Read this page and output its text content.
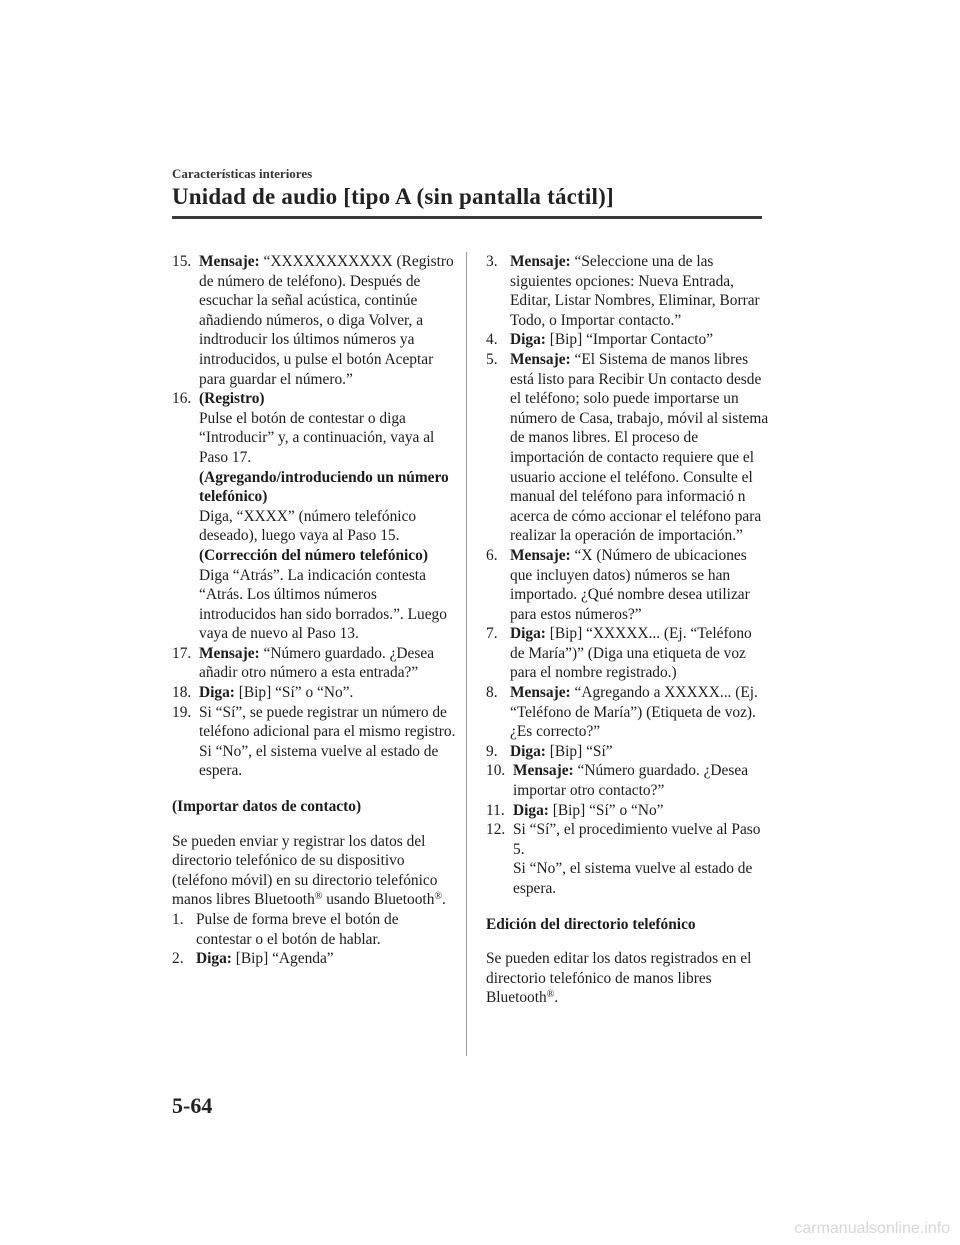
Características interiores
Unidad de audio [tipo A (sin pantalla táctil)]
15. Mensaje: “XXXXXXXXXXX (Registro de número de teléfono). Después de escuchar la señal acústica, continúe añadiendo números, o diga Volver, a indtroducir los últimos números ya introducidos, u pulse el botón Aceptar para guardar el número.”
16. (Registro)
Pulse el botón de contestar o diga “Introducir” y, a continuación, vaya al Paso 17.
(Agregando/introduciendo un número telefónico)
Diga, “XXXX” (número telefónico deseado), luego vaya al Paso 15.
(Corrección del número telefónico)
Diga “Atrás”. La indicación contesta “Atrás. Los últimos números introducidos han sido borrados.”. Luego vaya de nuevo al Paso 13.
17. Mensaje: “Número guardado. ¿Desea añadir otro número a esta entrada?”
18. Diga: [Bip] “Sí” o “No”.
19. Si “Sí”, se puede registrar un número de teléfono adicional para el mismo registro.
Si “No”, el sistema vuelve al estado de espera.

(Importar datos de contacto)

Se pueden enviar y registrar los datos del directorio telefónico de su dispositivo (teléfono móvil) en su directorio telefónico manos libres Bluetooth® usando Bluetooth®.

1. Pulse de forma breve el botón de contestar o el botón de hablar.
2. Diga: [Bip] “Agenda”
3. Mensaje: “Seleccione una de las siguientes opciones: Nueva Entrada, Editar, Listar Nombres, Eliminar, Borrar Todo, o Importar contacto.”
4. Diga: [Bip] “Importar Contacto”
5. Mensaje: “El Sistema de manos libres está listo para Recibir Un contacto desde el teléfono; solo puede importarse un número de Casa, trabajo, móvil al sistema de manos libres. El proceso de importación de contacto requiere que el usuario accione el teléfono. Consulte el manual del teléfono para informació n acerca de cómo accionar el teléfono para realizar la operación de importación.”
6. Mensaje: “X (Número de ubicaciones que incluyen datos) números se han importado. ¿Qué nombre desea utilizar para estos números?”
7. Diga: [Bip] “XXXXX... (Ej. “Teléfono de María”)” (Diga una etiqueta de voz para el nombre registrado.)
8. Mensaje: “Agregando a XXXXX... (Ej. “Teléfono de María”) (Etiqueta de voz). ¿Es correcto?”
9. Diga: [Bip] “Sí”
10. Mensaje: “Número guardado. ¿Desea importar otro contacto?”
11. Diga: [Bip] “Sí” o “No”
12. Si “Sí”, el procedimiento vuelve al Paso 5.
Si “No”, el sistema vuelve al estado de espera.

Edición del directorio telefónico

Se pueden editar los datos registrados en el directorio telefónico de manos libres Bluetooth®.

5-64
carmanualsonline.info
